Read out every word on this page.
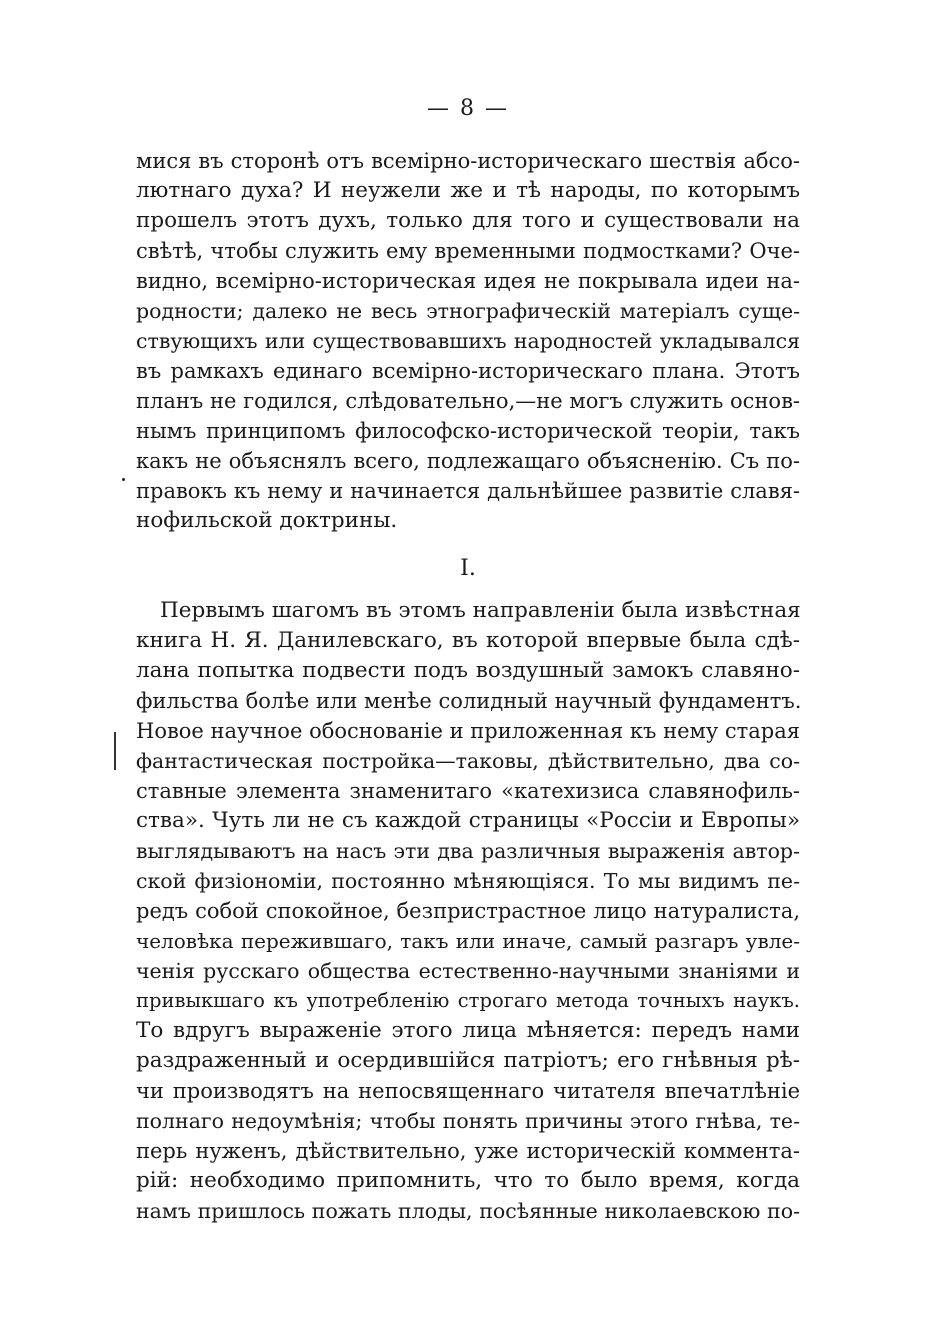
— 8 —
мися въ сторонѣ отъ всемірно-историческаго шествія абсо-
лютнаго духа? И неужели же и тѣ народы, по которымъ
прошелъ этотъ духъ, только для того и существовали на
свѣтѣ, чтобы служить ему временными подмостками? Оче-
видно, всемірно-историческая идея не покрывала идеи на-
родности; далеко не весь этнографическій матеріалъ суще-
ствующихъ или существовавшихъ народностей укладывался
въ рамкахъ единаго всемірно-историческаго плана. Этотъ
планъ не годился, слѣдовательно,—не могъ служить основ-
нымъ принципомъ философско-исторической теоріи, такъ
какъ не объяснялъ всего, подлежащаго объясненію. Съ по-
правокъ къ нему и начинается дальнѣйшее развитіе славя-
нофильской доктрины.
I.
Первымъ шагомъ въ этомъ направленіи была извѣстная
книга Н. Я. Данилевскаго, въ которой впервые была сдѣ-
лана попытка подвести подъ воздушный замокъ славяно-
фильства болѣе или менѣе солидный научный фундаментъ.
Новое научное обоснованіе и приложенная къ нему старая
фантастическая постройка—таковы, дѣйствительно, два со-
ставные элемента знаменитаго «катехизиса славянофиль-
ства». Чуть ли не съ каждой страницы «Россіи и Европы»
выглядываютъ на насъ эти два различныя выраженія автор-
ской физіономіи, постоянно мѣняющіяся. То мы видимъ пе-
редъ собой спокойное, безпристрастное лицо натуралиста,
человѣка пережившаго, такъ или иначе, самый разгаръ увле-
ченія русскаго общества естественно-научными знаніями и
привыкшаго къ употребленію строгаго метода точныхъ наукъ.
То вдругъ выраженіе этого лица мѣняется: передъ нами
раздраженный и осердившійся патріотъ; его гнѣвныя рѣ-
чи производятъ на непосвященнаго читателя впечатлѣніе
полнаго недоумѣнія; чтобы понять причины этого гнѣва, те-
перь нуженъ, дѣйствительно, уже историческій коммента-
рій: необходимо припомнить, что то было время, когда
намъ пришлось пожать плоды, посѣянные николаевскою по-
